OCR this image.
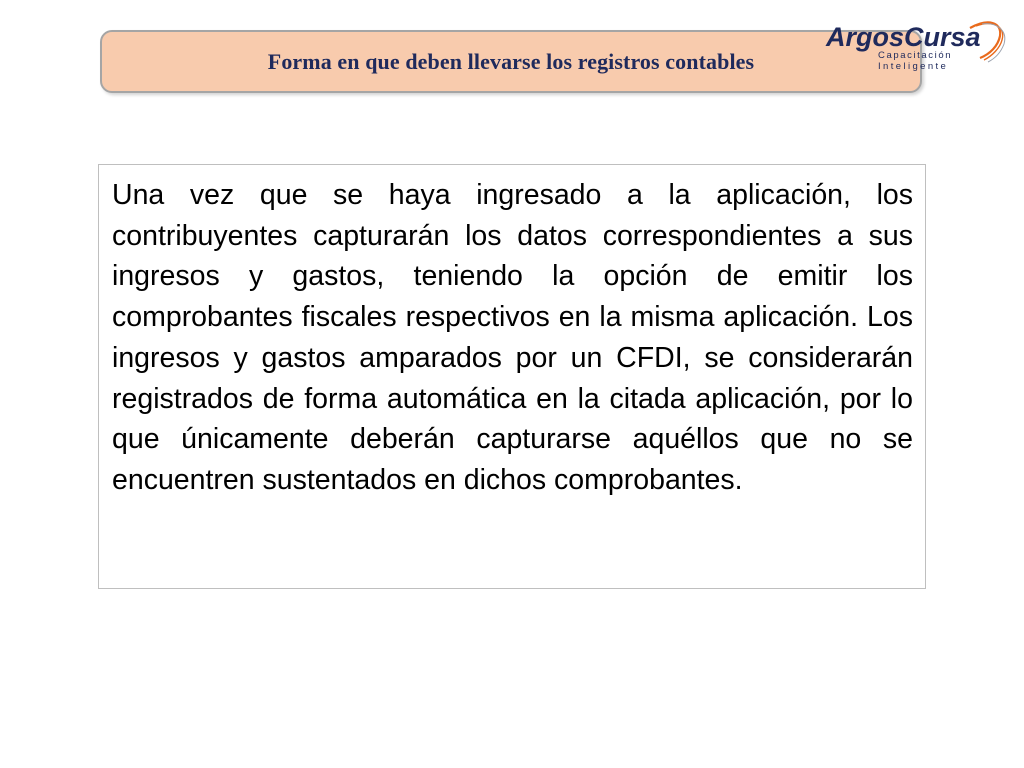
Forma en que deben llevarse los registros contables
ArgosCursa
Capacitación
Inteligente

Una vez que se haya ingresado a la aplicación, los contribuyentes capturarán los datos correspondientes a sus ingresos y gastos, teniendo la opción de emitir los comprobantes fiscales respectivos en la misma aplicación. Los ingresos y gastos amparados por un CFDI, se considerarán registrados de forma automática en la citada aplicación, por lo que únicamente deberán capturarse aquéllos que no se encuentren sustentados en dichos comprobantes.
